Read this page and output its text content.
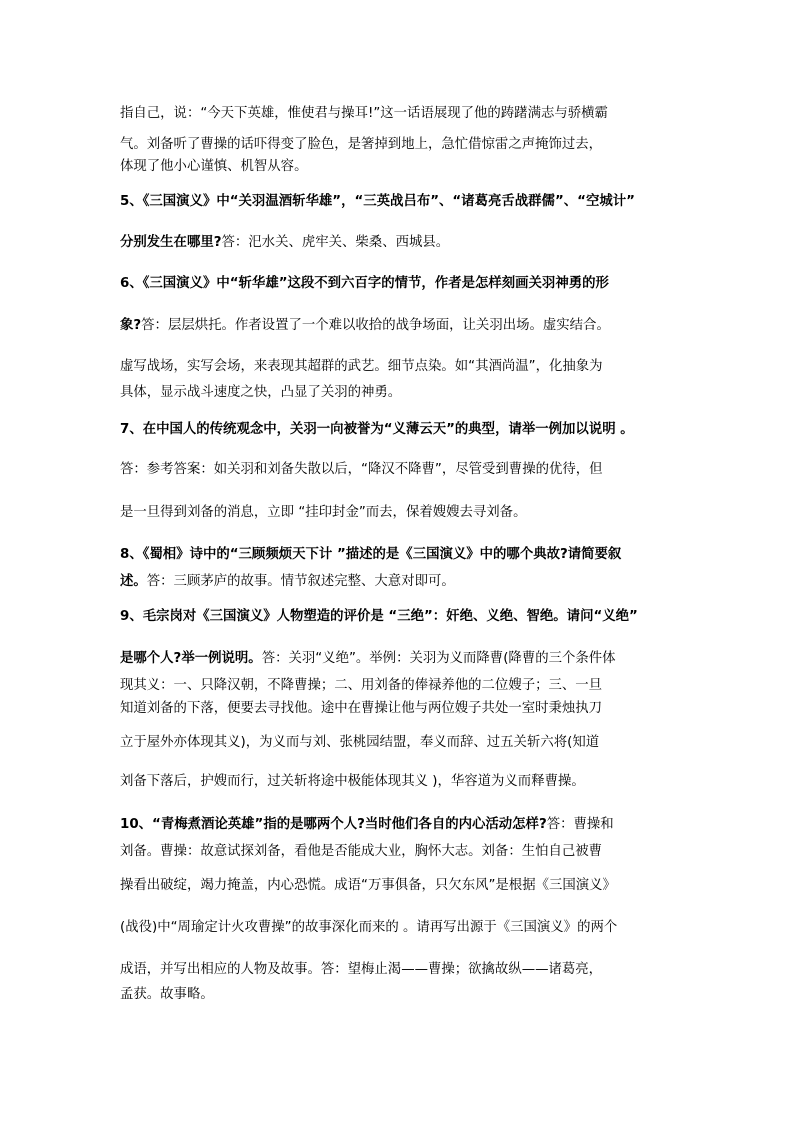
指自己，说：“今天下英雄，惟使君与操耳!”这一话语展现了他的踌躇满志与骄横霸
气。刘备听了曹操的话吓得变了脸色，是箸掉到地上，急忙借惊雷之声掩饰过去，
体现了他小心谨慎、机智从容。
5、《三国演义》中“关羽温酒斩华雄”，“三英战吕布”、“诸葛亮舌战群儒”、“空城计”
分别发生在哪里?答：汜水关、虎牢关、柴桑、西城县。
6、《三国演义》中“斩华雄”这段不到六百字的情节，作者是怎样刻画关羽神勇的形
象?答：层层烘托。作者设置了一个难以收拾的战争场面，让关羽出场。虚实结合。
虚写战场，实写会场，来表现其超群的武艺。细节点染。如“其酒尚温”，化抽象为
具体，显示战斗速度之快，凸显了关羽的神勇。
7、在中国人的传统观念中，关羽一向被誉为“义薄云天”的典型，请举一例加以说明 。
答：参考答案：如关羽和刘备失散以后，“降汉不降曹”，尽管受到曹操的优待，但
是一旦得到刘备的消息，立即 “挂印封金”而去，保着嫂嫂去寻刘备。
8、《蜀相》诗中的“三顾频烦天下计 ”描述的是《三国演义》中的哪个典故?请简要叙
述。答：三顾茅庐的故事。情节叙述完整、大意对即可。
9、毛宗岗对《三国演义》人物塑造的评价是 “三绝”：奸绝、义绝、智绝。请问“义绝”
是哪个人?举一例说明。答：关羽“义绝”。举例：关羽为义而降曹(降曹的三个条件体
现其义：一、只降汉朝，不降曹操；二、用刘备的俸禄养他的二位嫂子；三、一旦
知道刘备的下落，便要去寻找他。途中在曹操让他与两位嫂子共处一室时秉烛执刀
立于屋外亦体现其义)，为义而与刘、张桃园结盟，奉义而辞、过五关斩六将(知道
刘备下落后，护嫂而行，过关斩将途中极能体现其义 )，华容道为义而释曹操。
10、“青梅煮酒论英雄”指的是哪两个人?当时他们各自的内心活动怎样?答：曹操和
刘备。曹操：故意试探刘备，看他是否能成大业，胸怀大志。刘备：生怕自己被曹
操看出破绽，竭力掩盖，内心恐慌。成语“万事俱备，只欠东风”是根据《三国演义》
(战役)中“周瑜定计火攻曹操”的故事深化而来的 。请再写出源于《三国演义》的两个
成语，并写出相应的人物及故事。答：望梅止渴——曹操；欲擒故纵——诸葛亮，
孟获。故事略。
